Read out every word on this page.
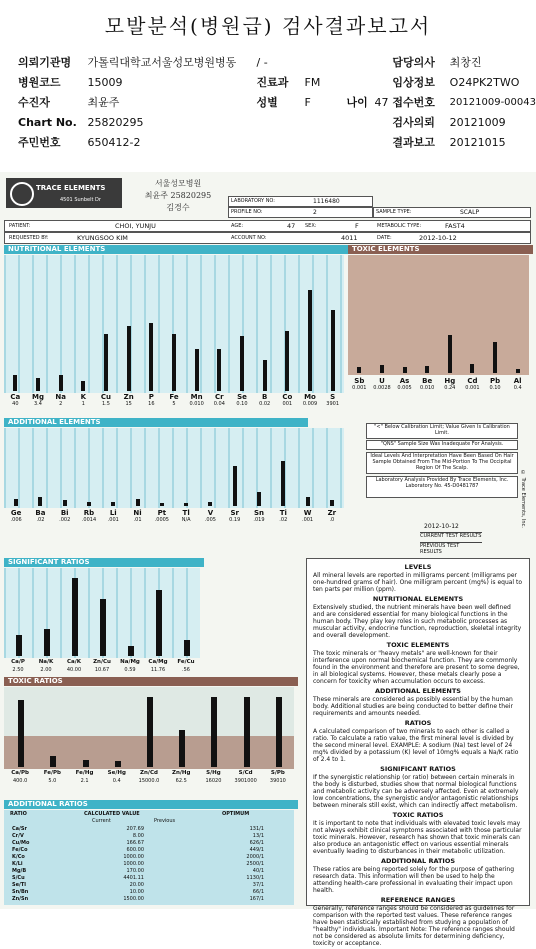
모발분석(병원급) 검사결과보고서
의뢰기관명	가톨릭대학교서울성모병원병동	/ -	담당의사	최창진
병원코드	15009	진료과 FM	임상정보	O24PK2TWO
수진자	최윤주	성별 F 나이 47	접수번호	20121009-00043
Chart No.	25820295		검사의뢰	20121009
주민번호	650412-2		결과보고	20121015
TRACE ELEMENTS
4501 Sunbelt Dr
서울성모병원
최윤주 25820295
김경수
LABORATORY NO:	1116480
PROFILE NO:	2	SAMPLE TYPE:	SCALP
PATIENT:	CHOI, YUNJU	AGE:	47 SEX:	F	METABOLIC TYPE:	FAST4
REQUESTED BY:	KYUNGSOO KIM	ACCOUNT NO:	4011	DATE:	2012-10-12
NUTRITIONAL ELEMENTS
Ca
40
Mg
3.4
Na
2
K
1
Cu
1.5
Zn
15
P
16
Fe
5
Mn
0.010
Cr
0.04
Se
0.10
B
0.02
Co
001
Mo
0.009
S
3901
TOXIC ELEMENTS
Sb
0.001
U
0.0028
As
0.005
Be
0.010
Hg
0.24
Cd
0.001
Pb
0.10
Al
0.4
ADDITIONAL ELEMENTS
Ge
.006
Ba
.02
Bi
.002
Rb
.0014
Li
.001
Ni
.01
Pt
.0005
Tl
N/A
V
.005
Sr
0.19
Sn
.019
Ti
.02
W
.001
Zr
.0
"<" Below Calibration Limit; Value Given Is Calibration Limit.
"QNS" Sample Size Was Inadequate For Analysis.
Ideal Levels And Interpretation Have Been Based On Hair Sample Obtained From The Mid-Portion To The Occipital Region Of The Scalp.
Laboratory Analysis Provided By Trace Elements, Inc. Laboratory No. 45-D0481787
2012-10-12
CURRENT TEST RESULTS
PREVIOUS TEST RESULTS
© Trace Elements, Inc.
SIGNIFICANT RATIOS
Ca/P
2.50
Na/K
2.00
Ca/K
40.00
Zn/Cu
10.67
Na/Mg
0.59
Ca/Mg
11.76
Fe/Cu
.56
TOXIC RATIOS
Ca/Pb
400.0
Fe/Pb
5.0
Fe/Hg
2.1
Se/Hg
0.4
Zn/Cd
15000.0
Zn/Hg
62.5
S/Hg
16020
S/Cd
3901000
S/Pb
39010
ADDITIONAL RATIOS
RATIO	CALCULATED VALUE
Current	Previous
OPTIMUM
Ca/Sr	207.69	131/1
Cr/V	8.00	13/1
Cu/Mo	166.67	626/1
Fe/Co	600.00	449/1
K/Co	1000.00	2000/1
K/Li	1000.00	2500/1
Mg/B	170.00	40/1
S/Cu	4401.11	1130/1
Se/Tl	20.00	37/1
Sn/Bn	10.00	66/1
Zn/Sn	1500.00	167/1
LEVELS

All mineral levels are reported in milligrams percent (milligrams per one-hundred grams of hair). One milligram percent (mg%) is equal to ten parts per million (ppm).

NUTRITIONAL ELEMENTS

Extensively studied, the nutrient minerals have been well defined and are considered essential for many biological functions in the human body. They play key roles in such metabolic processes as muscular activity, endocrine function, reproduction, skeletal integrity and overall development.

TOXIC ELEMENTS

The toxic minerals or "heavy metals" are well-known for their interference upon normal biochemical function. They are commonly found in the environment and therefore are present to some degree, in all biological systems. However, these metals clearly pose a concern for toxicity when accumulation occurs to excess.

ADDITIONAL ELEMENTS

These minerals are considered as possibly essential by the human body. Additional studies are being conducted to better define their requirements and amounts needed.

RATIOS

A calculated comparison of two minerals to each other is called a ratio. To calculate a ratio value, the first mineral level is divided by the second mineral level. EXAMPLE: A sodium (Na) test level of 24 mg% divided by a potassium (K) level of 10mg% equals a Na/K ratio of 2.4 to 1.

SIGNIFICANT RATIOS

If the synergistic relationship (or ratio) between certain minerals in the body is disturbed, studies show that normal biological functions and metabolic activity can be adversely affected. Even at extremely low concentrations, the synergistic and/or antagonistic relationships between minerals still exist, which can indirectly affect metabolism.

TOXIC RATIOS

It is important to note that individuals with elevated toxic levels may not always exhibit clinical symptoms associated with those particular toxic minerals. However, research has shown that toxic minerals can also produce an antagonistic effect on various essential minerals eventually leading to disturbances in their metabolic utilization.

ADDITIONAL RATIOS

These ratios are being reported solely for the purpose of gathering research data. This information will then be used to help the attending health-care professional in evaluating their impact upon health.

REFERENCE RANGES

Generally, reference ranges should be considered as guidelines for comparison with the reported test values. These reference ranges have been statistically established from studying a population of "healthy" individuals. Important Note: The reference ranges should not be considered as absolute limits for determining deficiency, toxicity or acceptance.
